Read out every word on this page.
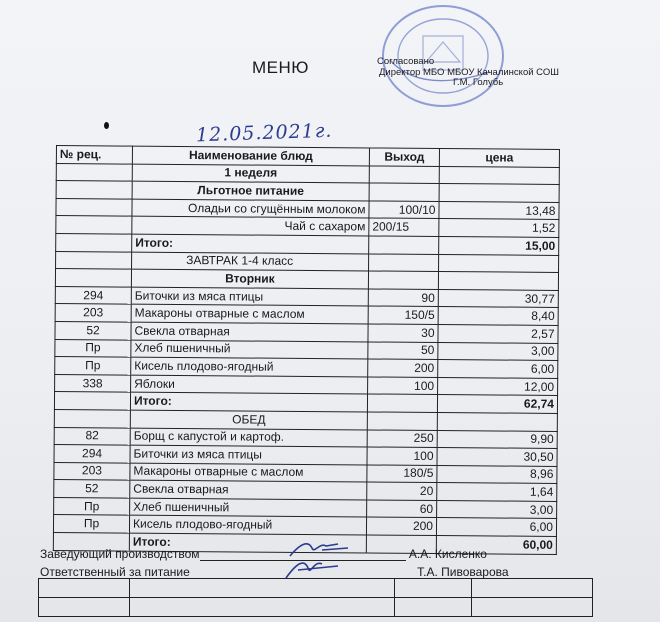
МЕНЮ	Согласовано
Директор МБО МБОУ Качалинской СОШ
Г.М. Голубь
12.05.2021г.
№ рец.	Наименование блюд	Выход	цена
	1 неделя		
	Льготное питание		
	Оладьи со сгущённым молоком	100/10	13,48
	Чай с сахаром	200/15	1,52
	Итого:		15,00
	ЗАВТРАК 1-4 класс		
	Вторник		
294	Биточки из мяса птицы	90	30,77
203	Макароны отварные с маслом	150/5	8,40
52	Свекла отварная	30	2,57
Пр	Хлеб пшеничный	50	3,00
Пр	Кисель плодово-ягодный	200	6,00
338	Яблоки	100	12,00
	Итого:		62,74
	ОБЕД		
82	Борщ с капустой и картоф.	250	9,90
294	Биточки из мяса птицы	100	30,50
203	Макароны отварные с маслом	180/5	8,96
52	Свекла отварная	20	1,64
Пр	Хлеб пшеничный	60	3,00
Пр	Кисель плодово-ягодный	200	6,00
	Итого:		60,00
Заведующий производством	А.А. Кисленко
Ответственный за питание	Т.А. Пивоварова
